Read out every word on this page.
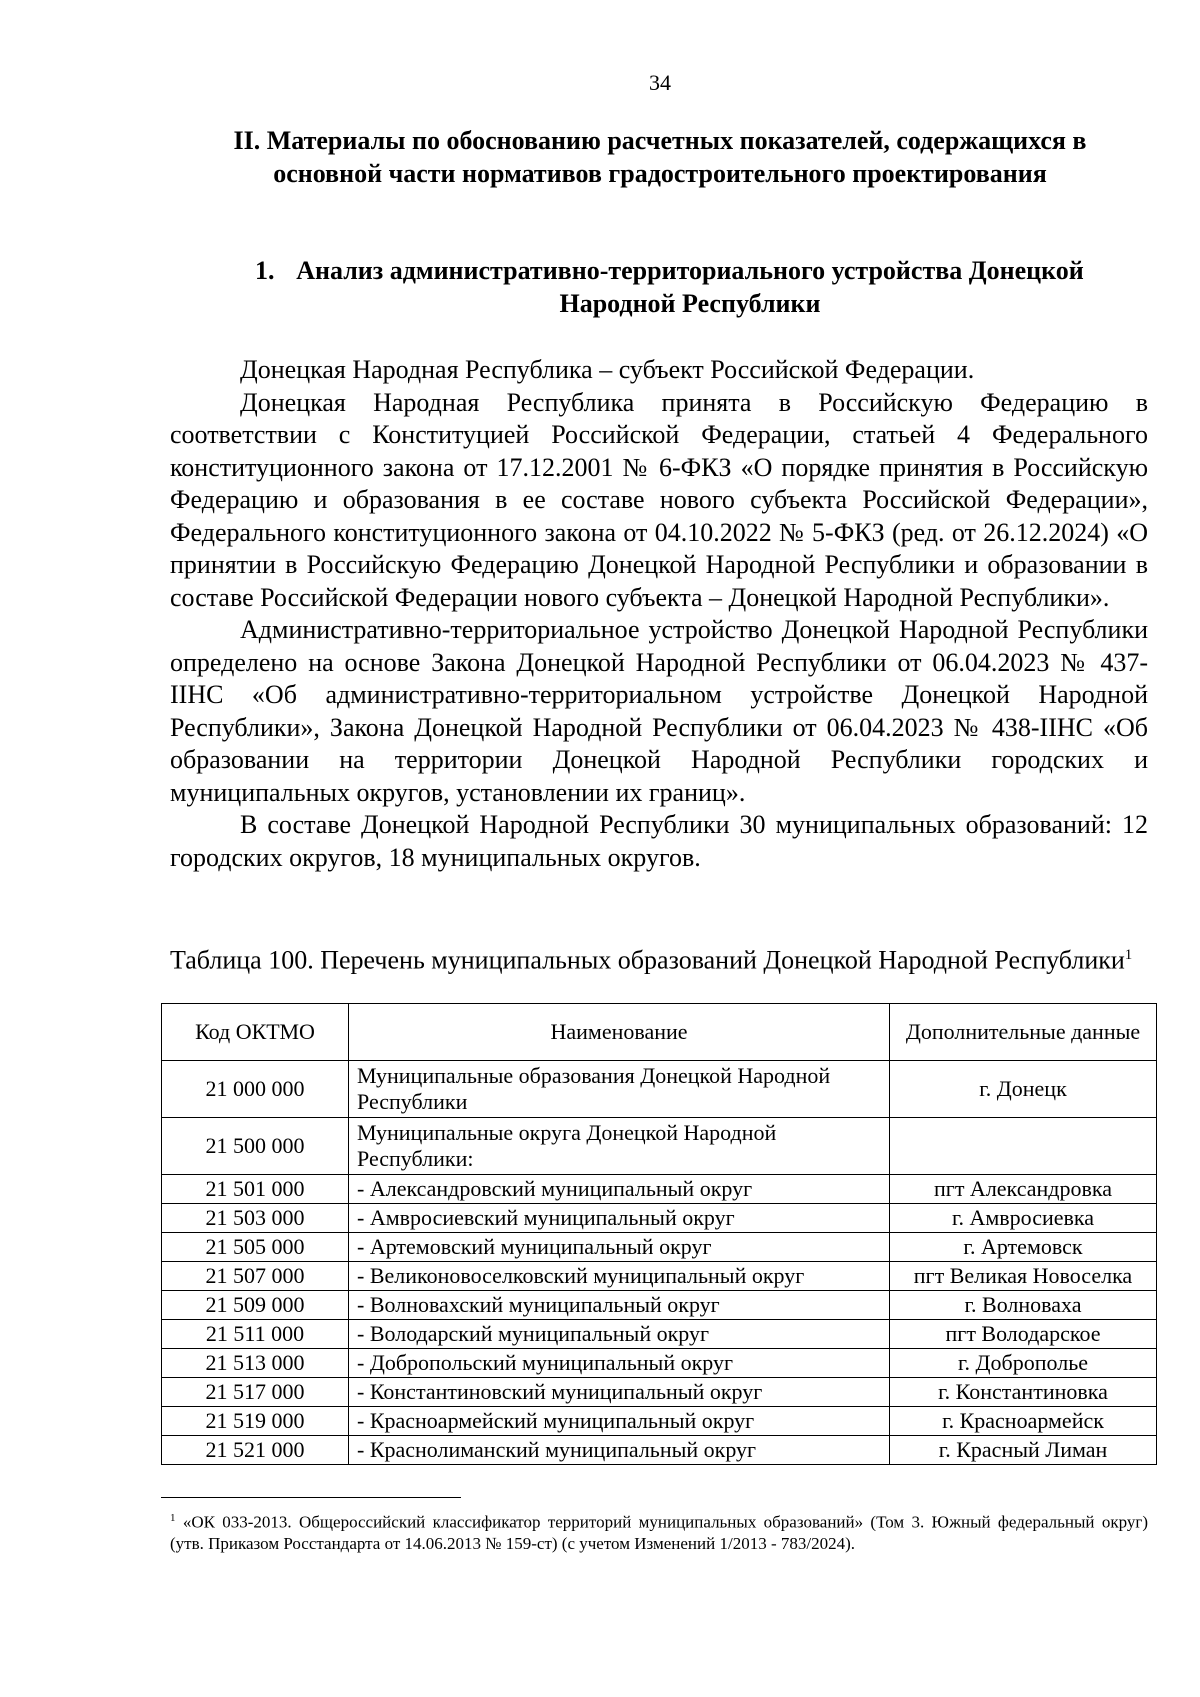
34
II. Материалы по обоснованию расчетных показателей, содержащихся в основной части нормативов градостроительного проектирования
1. Анализ административно-территориального устройства Донецкой Народной Республики

Донецкая Народная Республика – субъект Российской Федерации.

Донецкая Народная Республика принята в Российскую Федерацию в соответствии с Конституцией Российской Федерации, статьей 4 Федерального конституционного закона от 17.12.2001 № 6-ФКЗ «О порядке принятия в Российскую Федерацию и образования в ее составе нового субъекта Российской Федерации», Федерального конституционного закона от 04.10.2022 № 5-ФКЗ (ред. от 26.12.2024) «О принятии в Российскую Федерацию Донецкой Народной Республики и образовании в составе Российской Федерации нового субъекта – Донецкой Народной Республики».

Административно-территориальное устройство Донецкой Народной Республики определено на основе Закона Донецкой Народной Республики от 06.04.2023 № 437-IIНС «Об административно-территориальном устройстве Донецкой Народной Республики», Закона Донецкой Народной Республики от 06.04.2023 № 438-IIНС «Об образовании на территории Донецкой Народной Республики городских и муниципальных округов, установлении их границ».

В составе Донецкой Народной Республики 30 муниципальных образований: 12 городских округов, 18 муниципальных округов.

Таблица 100. Перечень муниципальных образований Донецкой Народной Республики$^1$
Код ОКТМО	Наименование	Дополнительные данные
21 000 000	Муниципальные образования Донецкой Народной Республики	г. Донецк
21 500 000	Муниципальные округа Донецкой Народной Республики:	
21 501 000	- Александровский муниципальный округ	пгт Александровка
21 503 000	- Амвросиевский муниципальный округ	г. Амвросиевка
21 505 000	- Артемовский муниципальный округ	г. Артемовск
21 507 000	- Великоновоселковский муниципальный округ	пгт Великая Новоселка
21 509 000	- Волновахский муниципальный округ	г. Волноваха
21 511 000	- Володарский муниципальный округ	пгт Володарское
21 513 000	- Добропольский муниципальный округ	г. Доброполье
21 517 000	- Константиновский муниципальный округ	г. Константиновка
21 519 000	- Красноармейский муниципальный округ	г. Красноармейск
21 521 000	- Краснолиманский муниципальный округ	г. Красный Лиман
$^1$ «ОК 033-2013. Общероссийский классификатор территорий муниципальных образований» (Том 3. Южный федеральный округ) (утв. Приказом Росстандарта от 14.06.2013 № 159-ст) (с учетом Изменений 1/2013 - 783/2024).
